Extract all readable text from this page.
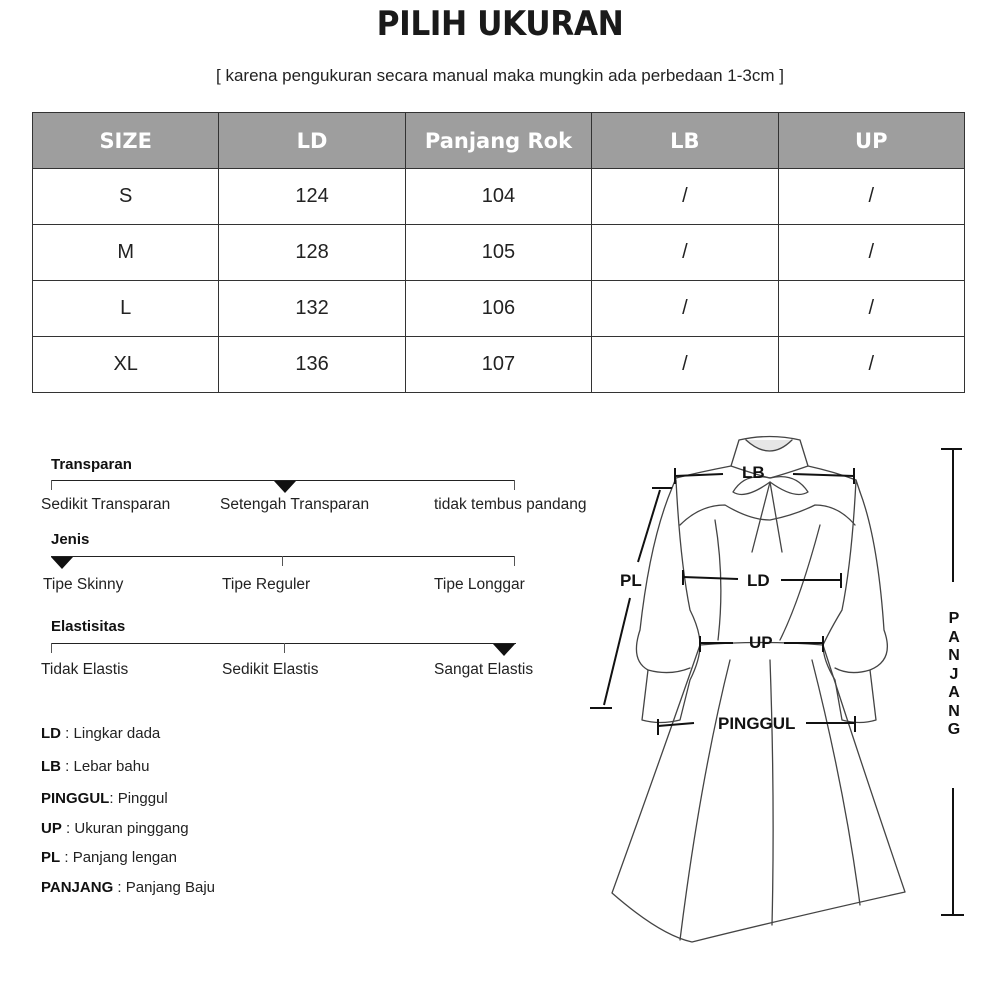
PILIH UKURAN
[ karena pengukuran secara manual maka mungkin ada perbedaan 1-3cm ]
SIZE	LD	Panjang Rok	LB	UP
S	124	104	/	/
M	128	105	/	/
L	132	106	/	/
XL	136	107	/	/
Transparan
Sedikit Transparan	Setengah Transparan	tidak tembus pandang
Jenis
Tipe Skinny	Tipe Reguler	Tipe Longgar
Elastisitas
Tidak Elastis	Sedikit Elastis	Sangat Elastis
LD : Lingkar dada
LB : Lebar bahu
PINGGUL: Pinggul
UP : Ukuran pinggang
PL : Panjang lengan
PANJANG : Panjang Baju
LB
LD
UP
PINGGUL
PL
P
A
N
J
A
N
G
